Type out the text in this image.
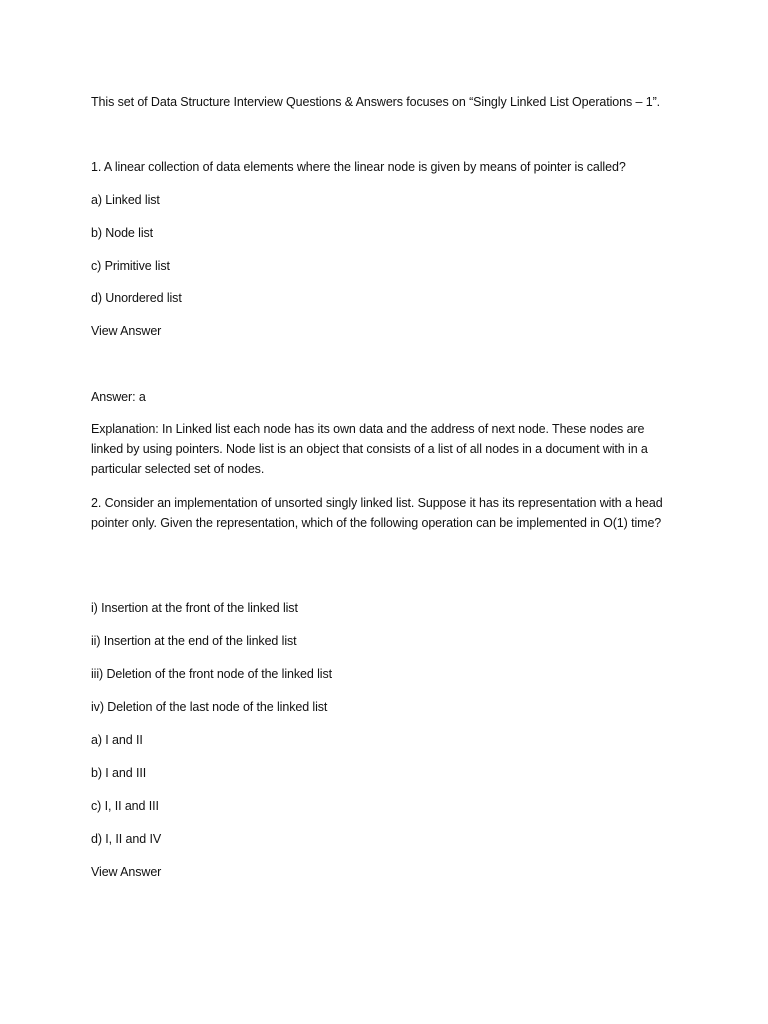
This set of Data Structure Interview Questions & Answers focuses on “Singly Linked List Operations – 1”.
1. A linear collection of data elements where the linear node is given by means of pointer is called?
a) Linked list
b) Node list
c) Primitive list
d) Unordered list
View Answer
Answer: a
Explanation: In Linked list each node has its own data and the address of next node. These nodes are linked by using pointers. Node list is an object that consists of a list of all nodes in a document with in a particular selected set of nodes.
2. Consider an implementation of unsorted singly linked list. Suppose it has its representation with a head pointer only. Given the representation, which of the following operation can be implemented in O(1) time?
i) Insertion at the front of the linked list
ii) Insertion at the end of the linked list
iii) Deletion of the front node of the linked list
iv) Deletion of the last node of the linked list
a) I and II
b) I and III
c) I, II and III
d) I, II and IV
View Answer
